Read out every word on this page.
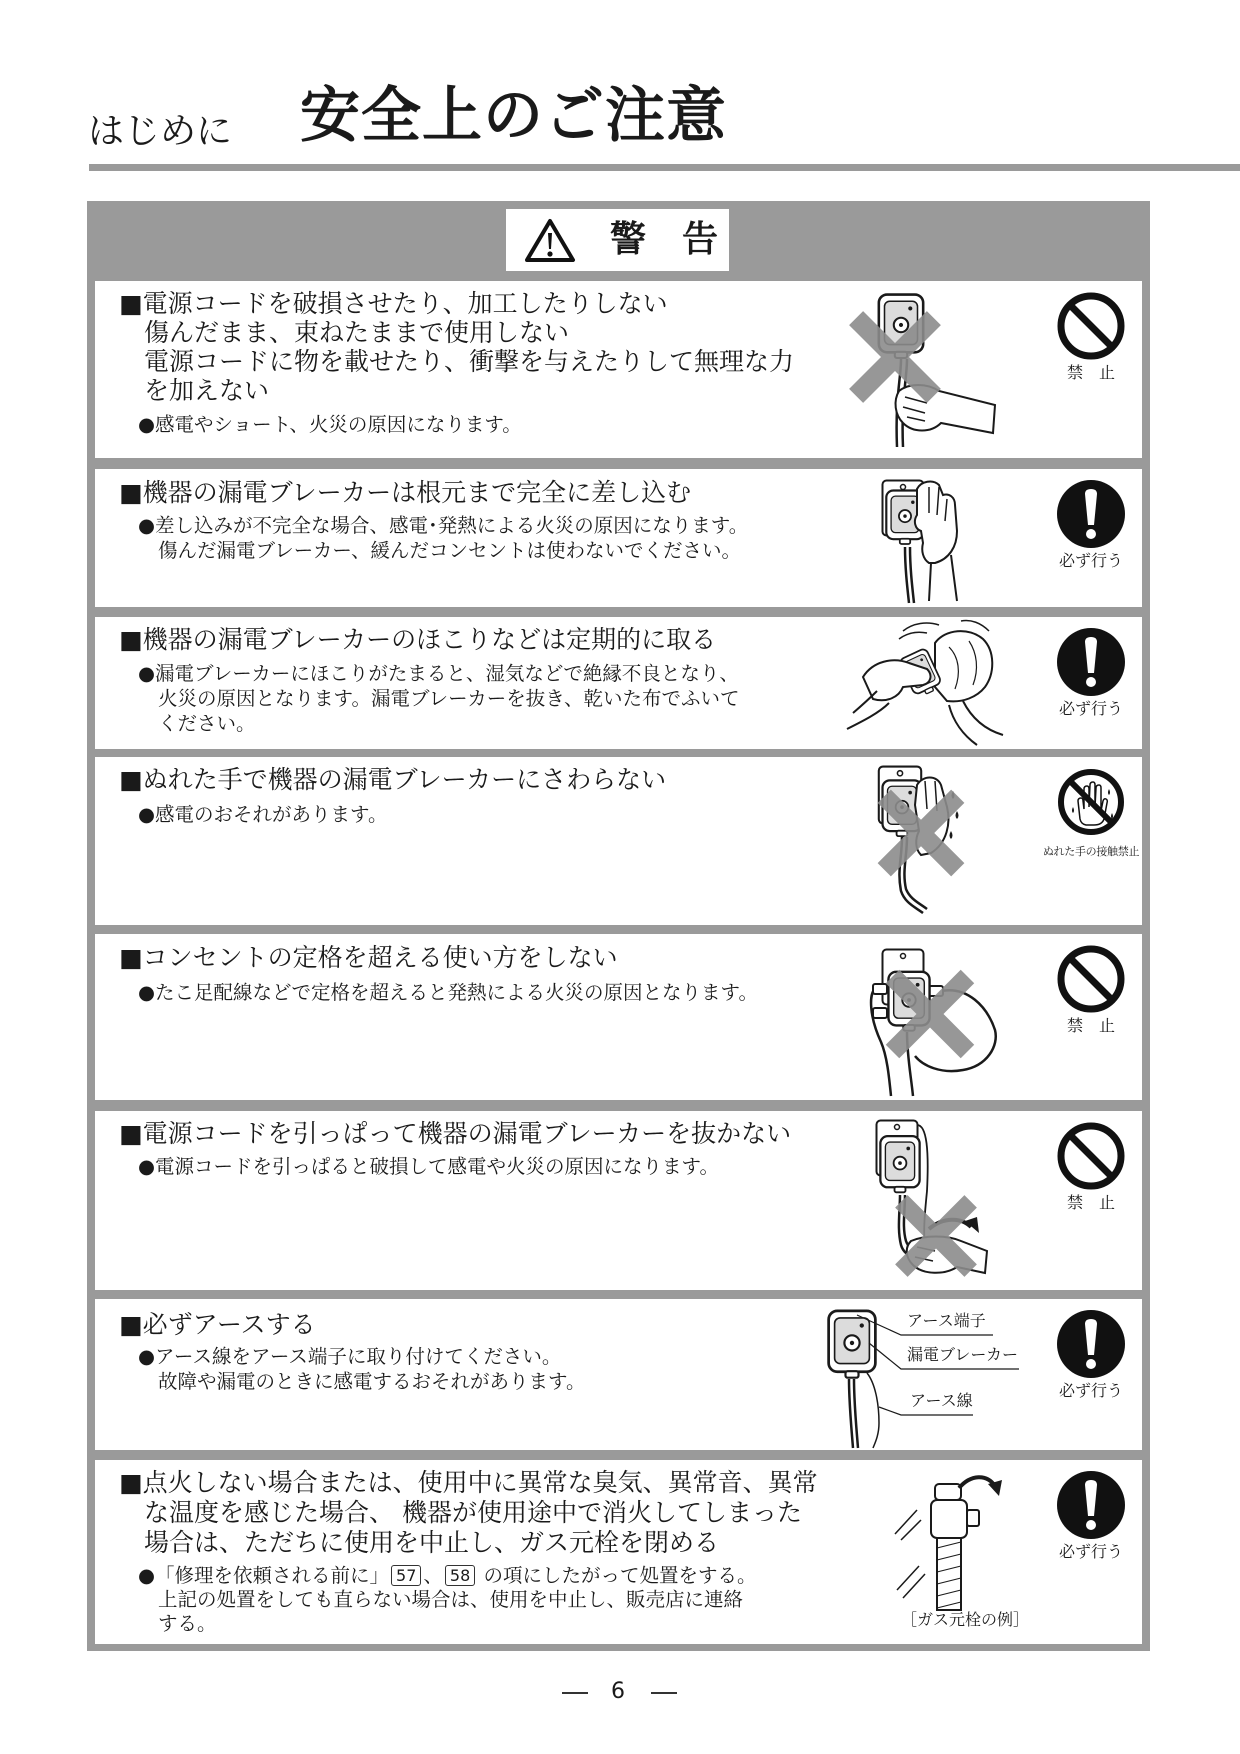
はじめに 安全上のご注意
警　告
■電源コードを破損させたり、加工したりしない
傷んだまま、束ねたままで使用しない
電源コードに物を載せたり、衝撃を与えたりして無理な力
を加えない
●感電やショート、火災の原因になります。
禁　止
■機器の漏電ブレーカーは根元まで完全に差し込む
●差し込みが不完全な場合、感電･発熱による火災の原因になります。
傷んだ漏電ブレーカー、緩んだコンセントは使わないでください。	必ず行う
■機器の漏電ブレーカーのほこりなどは定期的に取る
●漏電ブレーカーにほこりがたまると、湿気などで絶縁不良となり、
火災の原因となります。漏電ブレーカーを抜き、乾いた布でふいて
ください。
必ず行う
■ぬれた手で機器の漏電ブレーカーにさわらない
●感電のおそれがあります。
ぬれた手の接触禁止
■コンセントの定格を超える使い方をしない
●たこ足配線などで定格を超えると発熱による火災の原因となります。
禁　止
■電源コードを引っぱって機器の漏電ブレーカーを抜かない
●電源コードを引っぱると破損して感電や火災の原因になります。
禁　止
■必ずアースする
●アース線をアース端子に取り付けてください。
故障や漏電のときに感電するおそれがあります。
アース端子
漏電ブレーカー
アース線
必ず行う
■点火しない場合または、使用中に異常な臭気、異常音、異常
な温度を感じた場合、 機器が使用途中で消火してしまった
場合は、ただちに使用を中止し、ガス元栓を閉める
●「修理を依頼される前に」 57 、 58 の項にしたがって処置をする。
上記の処置をしても直らない場合は、使用を中止し、販売店に連絡
する。	［ガス元栓の例］
必ず行う
6
